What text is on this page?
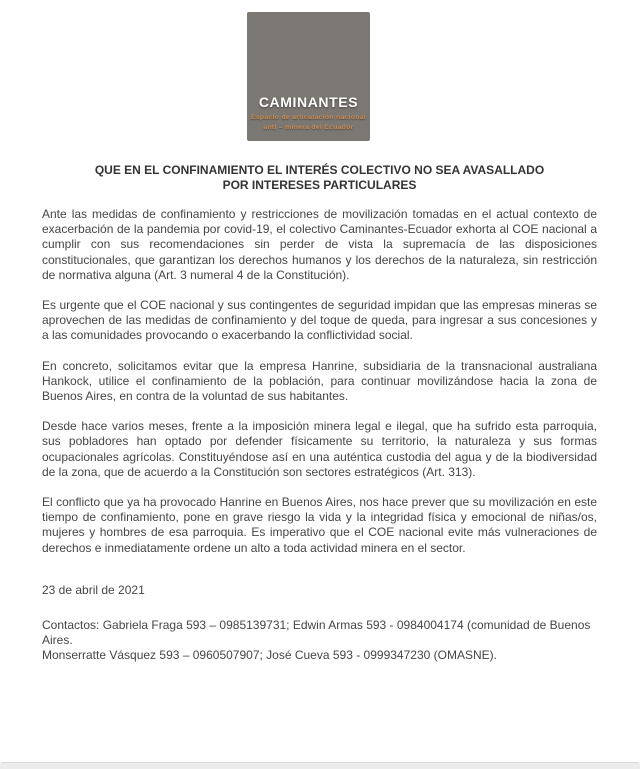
CAMINANTES
Espacio de articulación nacional
anti – minera del Ecuador
QUE EN EL CONFINAMIENTO EL INTERÉS COLECTIVO NO SEA AVASALLADO
POR INTERESES PARTICULARES

Ante las medidas de confinamiento y restricciones de movilización tomadas en el actual contexto de exacerbación de la pandemia por covid-19, el colectivo Caminantes-Ecuador exhorta al COE nacional a cumplir con sus recomendaciones sin perder de vista la supremacía de las disposiciones constitucionales, que garantizan los derechos humanos y los derechos de la naturaleza, sin restricción de normativa alguna (Art. 3 numeral 4 de la Constitución).

Es urgente que el COE nacional y sus contingentes de seguridad impidan que las empresas mineras se aprovechen de las medidas de confinamiento y del toque de queda, para ingresar a sus concesiones y a las comunidades provocando o exacerbando la conflictividad social.

En concreto, solicitamos evitar que la empresa Hanrine, subsidiaria de la transnacional australiana Hankock, utilice el confinamiento de la población, para continuar movilizándose hacia la zona de Buenos Aires, en contra de la voluntad de sus habitantes.

Desde hace varios meses, frente a la imposición minera legal e ilegal, que ha sufrido esta parroquia, sus pobladores han optado por defender físicamente su territorio, la naturaleza y sus formas ocupacionales agrícolas. Constituyéndose así en una auténtica custodia del agua y de la biodiversidad de la zona, que de acuerdo a la Constitución son sectores estratégicos (Art. 313).

El conflicto que ya ha provocado Hanrine en Buenos Aires, nos hace prever que su movilización en este tiempo de confinamiento, pone en grave riesgo la vida y la integridad física y emocional de niñas/os, mujeres y hombres de esa parroquia. Es imperativo que el COE nacional evite más vulneraciones de derechos e inmediatamente ordene un alto a toda actividad minera en el sector.

23 de abril de 2021

Contactos: Gabriela Fraga 593 – 0985139731; Edwin Armas 593 - 0984004174 (comunidad de Buenos Aires.

Monserratte Vásquez 593 – 0960507907; José Cueva 593 - 0999347230 (OMASNE).
